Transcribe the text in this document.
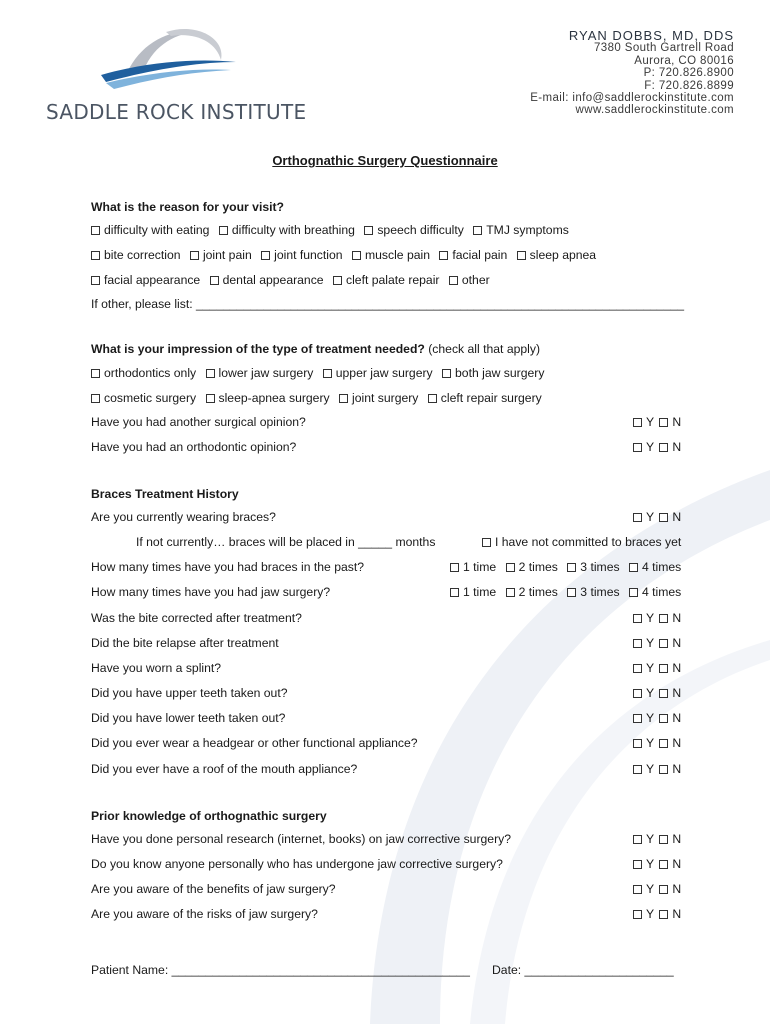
SADDLE ROCK INSTITUTE
RYAN DOBBS, MD, DDS
7380 South Gartrell Road
Aurora, CO 80016
P: 720.826.8900
F: 720.826.8899
E-mail: info@saddlerockinstitute.com
www.saddlerockinstitute.com
Orthognathic Surgery Questionnaire
What is the reason for your visit?
difficulty with eating difficulty with breathing speech difficulty TMJ symptoms
bite correction joint pain joint function muscle pain facial pain sleep apnea
facial appearance dental appearance cleft palate repair other
If other, please list: ________________________________________________________________________
What is your impression of the type of treatment needed? (check all that apply)
orthodontics only lower jaw surgery upper jaw surgery both jaw surgery
cosmetic surgery sleep-apnea surgery joint surgery cleft repair surgery
Have you had another surgical opinion?	Y N
Have you had an orthodontic opinion?	Y N
Braces Treatment History
Are you currently wearing braces?	Y N
If not currently… braces will be placed in _____ months	I have not committed to braces yet
How many times have you had braces in the past?	1 time 2 times 3 times 4 times
How many times have you had jaw surgery?	1 time 2 times 3 times 4 times
Was the bite corrected after treatment?	Y N
Did the bite relapse after treatment	Y N
Have you worn a splint?	Y N
Did you have upper teeth taken out?	Y N
Did you have lower teeth taken out?	Y N
Did you ever wear a headgear or other functional appliance?	Y N
Did you ever have a roof of the mouth appliance?	Y N
Prior knowledge of orthognathic surgery
Have you done personal research (internet, books) on jaw corrective surgery?	Y N
Do you know anyone personally who has undergone jaw corrective surgery?	Y N
Are you aware of the benefits of jaw surgery?	Y N
Are you aware of the risks of jaw surgery?	Y N
Patient Name: ____________________________________________ Date: ______________________
